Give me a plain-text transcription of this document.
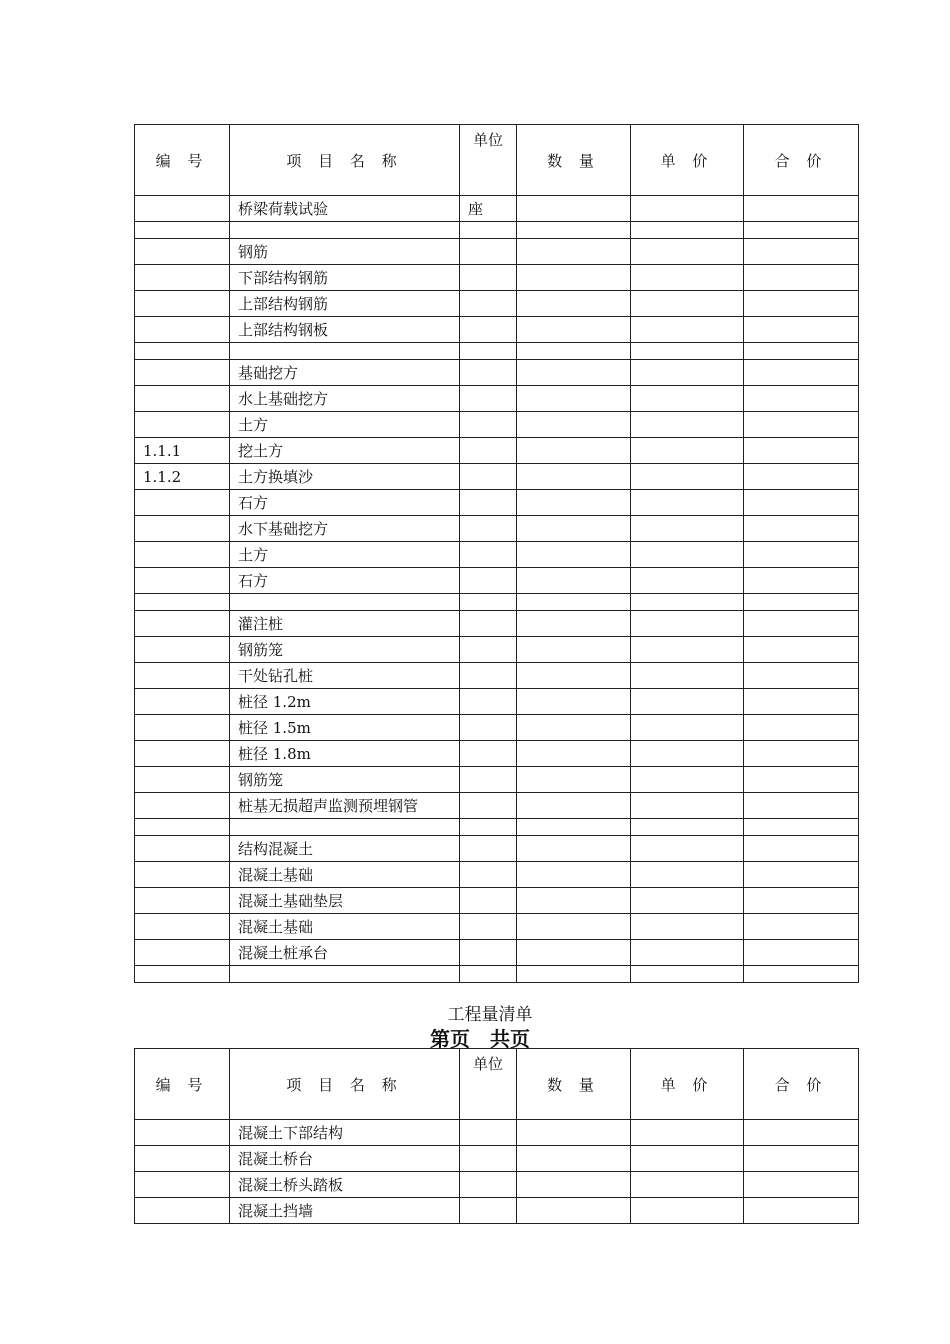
编 号	项 目 名 称	单位	数 量	单 价	合 价
	桥梁荷载试验	座			

	钢筋				
	下部结构钢筋				
	上部结构钢筋				
	上部结构钢板				

	基础挖方				
	水上基础挖方				
	土方				
1.1.1	挖土方				
1.1.2	土方换填沙				
	石方				
	水下基础挖方				
	土方				
	石方				

	灌注桩				
	钢筋笼				
	干处钻孔桩				
	桩径 1.2m				
	桩径 1.5m				
	桩径 1.8m				
	钢筋笼				
	桩基无损超声监测预埋钢管				

	结构混凝土				
	混凝土基础				
	混凝土基础垫层				
	混凝土基础				
	混凝土桩承台				

工程量清单
第页 共页
编 号	项 目 名 称	单位	数 量	单 价	合 价
	混凝土下部结构				
	混凝土桥台				
	混凝土桥头踏板				
	混凝土挡墙				
